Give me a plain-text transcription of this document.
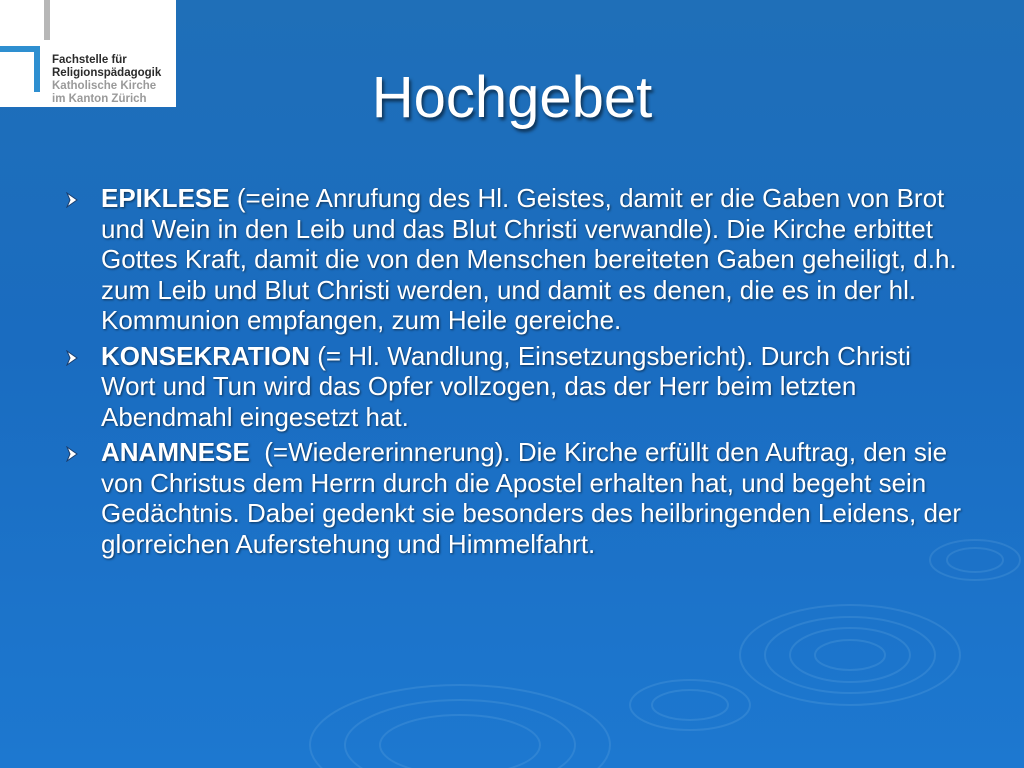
Fachstelle für
Religionspädagogik
Katholische Kirche
im Kanton Zürich	Hochgebet
EPIKLESE (=eine Anrufung des Hl. Geistes, damit er die Gaben von Brot und Wein in den Leib und das Blut Christi verwandle). Die Kirche erbittet Gottes Kraft, damit die von den Menschen bereiteten Gaben geheiligt, d.h. zum Leib und Blut Christi werden, und damit es denen, die es in der hl. Kommunion empfangen, zum Heile gereiche.
KONSEKRATION (= Hl. Wandlung, Einsetzungsbericht). Durch Christi Wort und Tun wird das Opfer vollzogen, das der Herr beim letzten Abendmahl eingesetzt hat.
ANAMNESE  (=Wiedererinnerung). Die Kirche erfüllt den Auftrag, den sie von Christus dem Herrn durch die Apostel erhalten hat, und begeht sein Gedächtnis. Dabei gedenkt sie besonders des heilbringenden Leidens, der glorreichen Auferstehung und Himmelfahrt.
